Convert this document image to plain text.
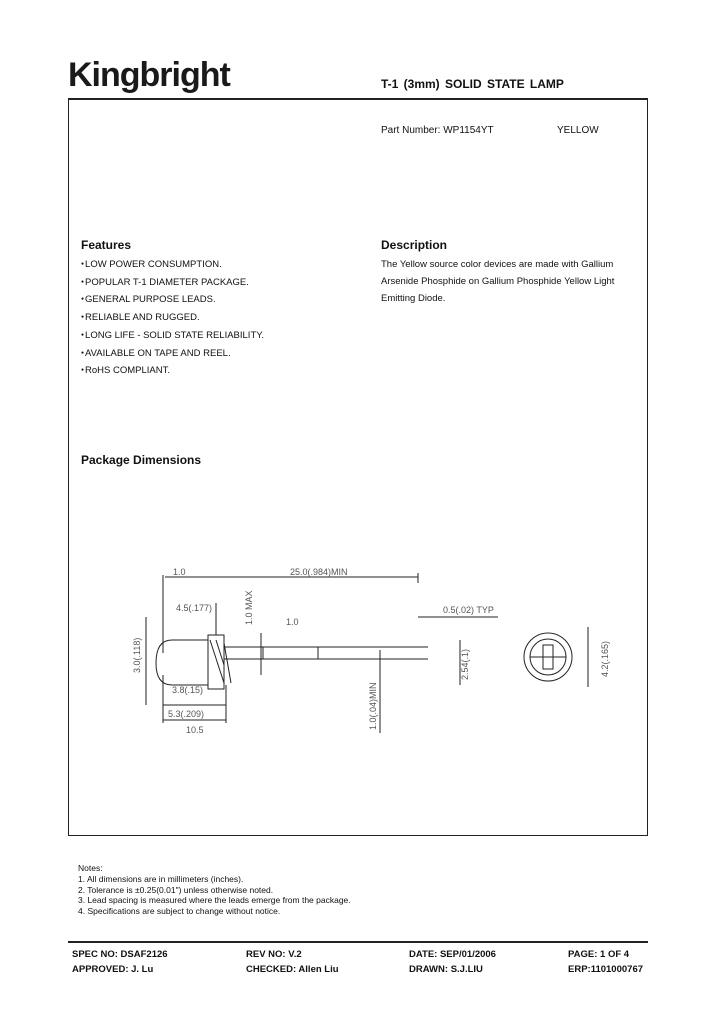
Kingbright	T-1 (3mm) SOLID STATE LAMP
Part Number: WP1154YT	YELLOW
Features
● LOW POWER CONSUMPTION.
● POPULAR T-1 DIAMETER PACKAGE.
● GENERAL PURPOSE LEADS.
● RELIABLE AND RUGGED.
● LONG LIFE - SOLID STATE RELIABILITY.
● AVAILABLE ON TAPE AND REEL.
● RoHS COMPLIANT.
Description
The Yellow source color devices are made with Gallium
Arsenide Phosphide on Gallium Phosphide Yellow Light
Emitting Diode.
Package Dimensions
1.0	25.0(.984)MIN
3.0(.118)
4.5(.177)	1.0 MAX	1.0
0.5(.02) TYP
2.54(.1)
1.0(.04)MIN
3.8(.15)
5.3(.209)
10.5
4.2(.165)
Notes:
1. All dimensions are in millimeters (inches).
2. Tolerance is ±0.25(0.01") unless otherwise noted.
3. Lead spacing is measured where the leads emerge from the package.
4. Specifications are subject to change without notice.
SPEC NO: DSAF2126	REV NO: V.2	DATE: SEP/01/2006	PAGE: 1 OF 4
APPROVED: J. Lu	CHECKED: Allen Liu	DRAWN: S.J.LIU	ERP:1101000767
